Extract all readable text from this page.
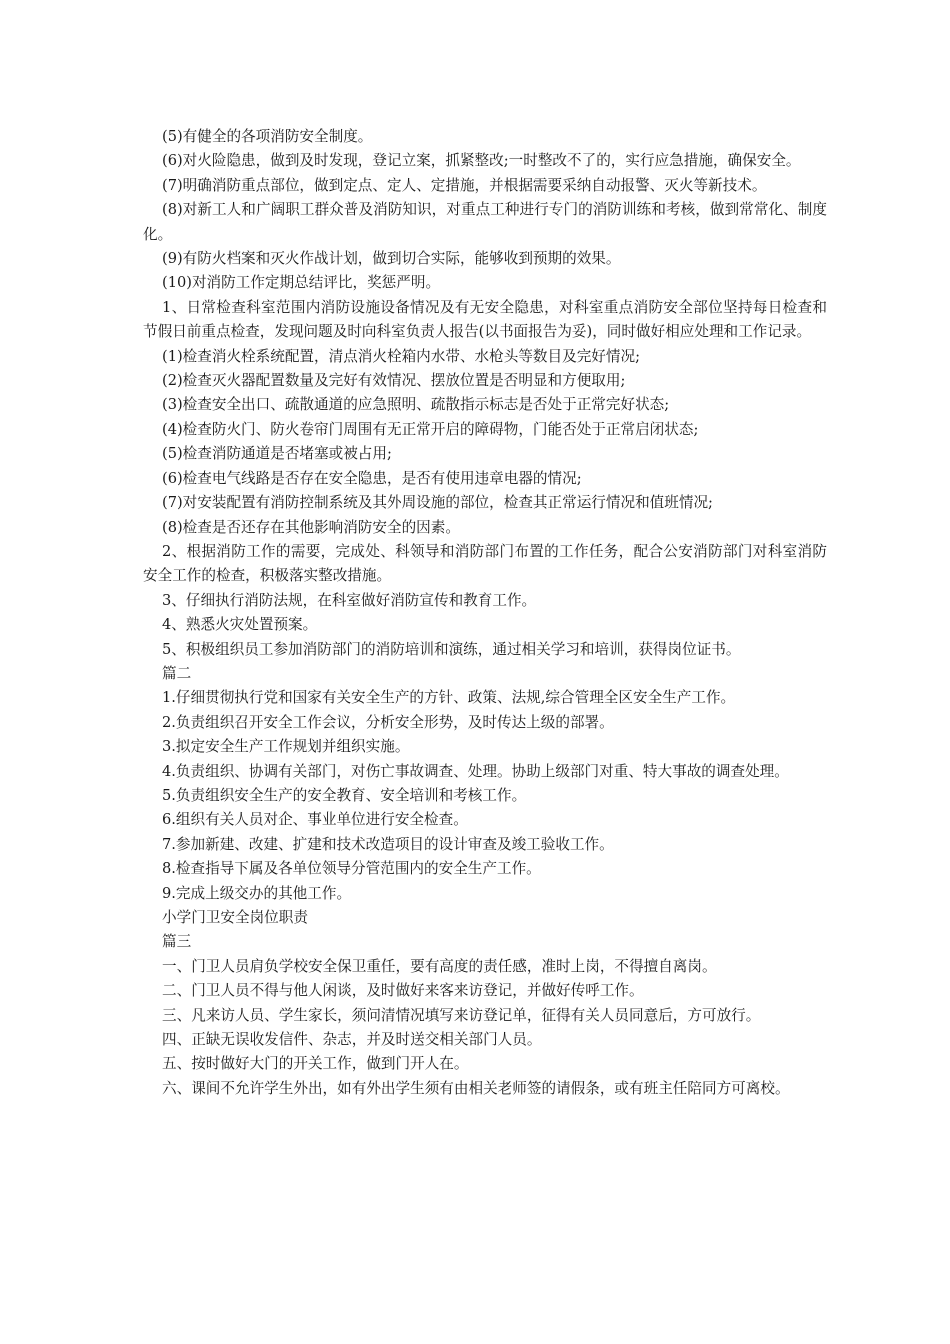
(5)有健全的各项消防安全制度。

(6)对火险隐患，做到及时发现，登记立案，抓紧整改;一时整改不了的，实行应急措施，确保安全。

(7)明确消防重点部位，做到定点、定人、定措施，并根据需要采纳自动报警、灭火等新技术。

(8)对新工人和广阔职工群众普及消防知识，对重点工种进行专门的消防训练和考核，做到常常化、制度化。

(9)有防火档案和灭火作战计划，做到切合实际，能够收到预期的效果。

(10)对消防工作定期总结评比，奖惩严明。

1、日常检查科室范围内消防设施设备情况及有无安全隐患，对科室重点消防安全部位坚持每日检查和节假日前重点检查，发现问题及时向科室负责人报告(以书面报告为妥)，同时做好相应处理和工作记录。

(1)检查消火栓系统配置，清点消火栓箱内水带、水枪头等数目及完好情况;

(2)检查灭火器配置数量及完好有效情况、摆放位置是否明显和方便取用;

(3)检查安全出口、疏散通道的应急照明、疏散指示标志是否处于正常完好状态;

(4)检查防火门、防火卷帘门周围有无正常开启的障碍物，门能否处于正常启闭状态;

(5)检查消防通道是否堵塞或被占用;

(6)检查电气线路是否存在安全隐患，是否有使用违章电器的情况;

(7)对安装配置有消防控制系统及其外周设施的部位，检查其正常运行情况和值班情况;

(8)检查是否还存在其他影响消防安全的因素。

2、根据消防工作的需要，完成处、科领导和消防部门布置的工作任务，配合公安消防部门对科室消防安全工作的检查，积极落实整改措施。

3、仔细执行消防法规，在科室做好消防宣传和教育工作。

4、熟悉火灾处置预案。

5、积极组织员工参加消防部门的消防培训和演练，通过相关学习和培训，获得岗位证书。

篇二

1.仔细贯彻执行党和国家有关安全生产的方针、政策、法规,综合管理全区安全生产工作。

2.负责组织召开安全工作会议，分析安全形势，及时传达上级的部署。

3.拟定安全生产工作规划并组织实施。

4.负责组织、协调有关部门，对伤亡事故调查、处理。协助上级部门对重、特大事故的调查处理。

5.负责组织安全生产的安全教育、安全培训和考核工作。

6.组织有关人员对企、事业单位进行安全检查。

7.参加新建、改建、扩建和技术改造项目的设计审查及竣工验收工作。

8.检查指导下属及各单位领导分管范围内的安全生产工作。

9.完成上级交办的其他工作。

小学门卫安全岗位职责

篇三

一、门卫人员肩负学校安全保卫重任，要有高度的责任感，准时上岗，不得擅自离岗。

二、门卫人员不得与他人闲谈，及时做好来客来访登记，并做好传呼工作。

三、凡来访人员、学生家长，须问清情况填写来访登记单，征得有关人员同意后，方可放行。

四、正缺无误收发信件、杂志，并及时送交相关部门人员。

五、按时做好大门的开关工作，做到门开人在。

六、课间不允许学生外出，如有外出学生须有由相关老师签的请假条，或有班主任陪同方可离校。
